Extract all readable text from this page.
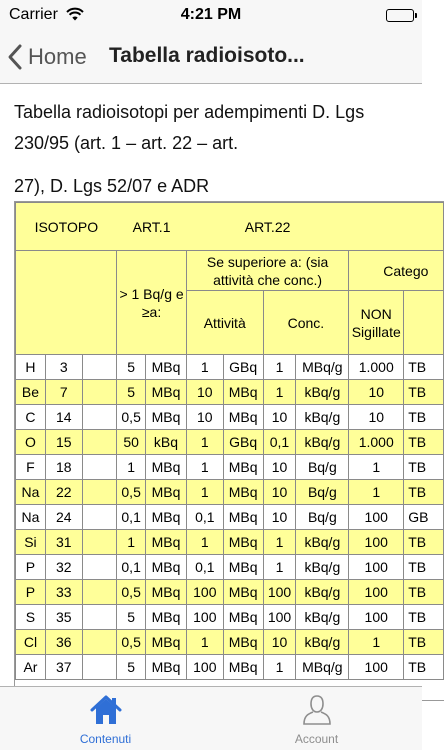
Carrier	4:21 PM
Home Tabella radioisoto...
Tabella radioisotopi per adempimenti D. Lgs 230/95 (art. 1 – art. 22 – art.
27), D. Lgs 52/07 e ADR
ISOTOPO			ART.1		ART.22					
			> 1 Bq/g e ≥a:		Se superiore a: (sia attività che conc.)				Catego	
					Attività		Conc.		NON Sigillate	
H	3		5	MBq	1	GBq	1	MBq/g	1.000	TB
Be	7		5	MBq	10	MBq	1	kBq/g	10	TB
C	14		0,5	MBq	10	MBq	10	kBq/g	10	TB
O	15		50	kBq	1	GBq	0,1	kBq/g	1.000	TB
F	18		1	MBq	1	MBq	10	Bq/g	1	TB
Na	22		0,5	MBq	1	MBq	10	Bq/g	1	TB
Na	24		0,1	MBq	0,1	MBq	10	Bq/g	100	GB
Si	31		1	MBq	1	MBq	1	kBq/g	100	TB
P	32		0,1	MBq	0,1	MBq	1	kBq/g	100	TB
P	33		0,5	MBq	100	MBq	100	kBq/g	100	TB
S	35		5	MBq	100	MBq	100	kBq/g	100	TB
Cl	36		0,5	MBq	1	MBq	10	kBq/g	1	TB
Ar	37		5	MBq	100	MBq	1	MBq/g	100	TB
Contenuti	Account
